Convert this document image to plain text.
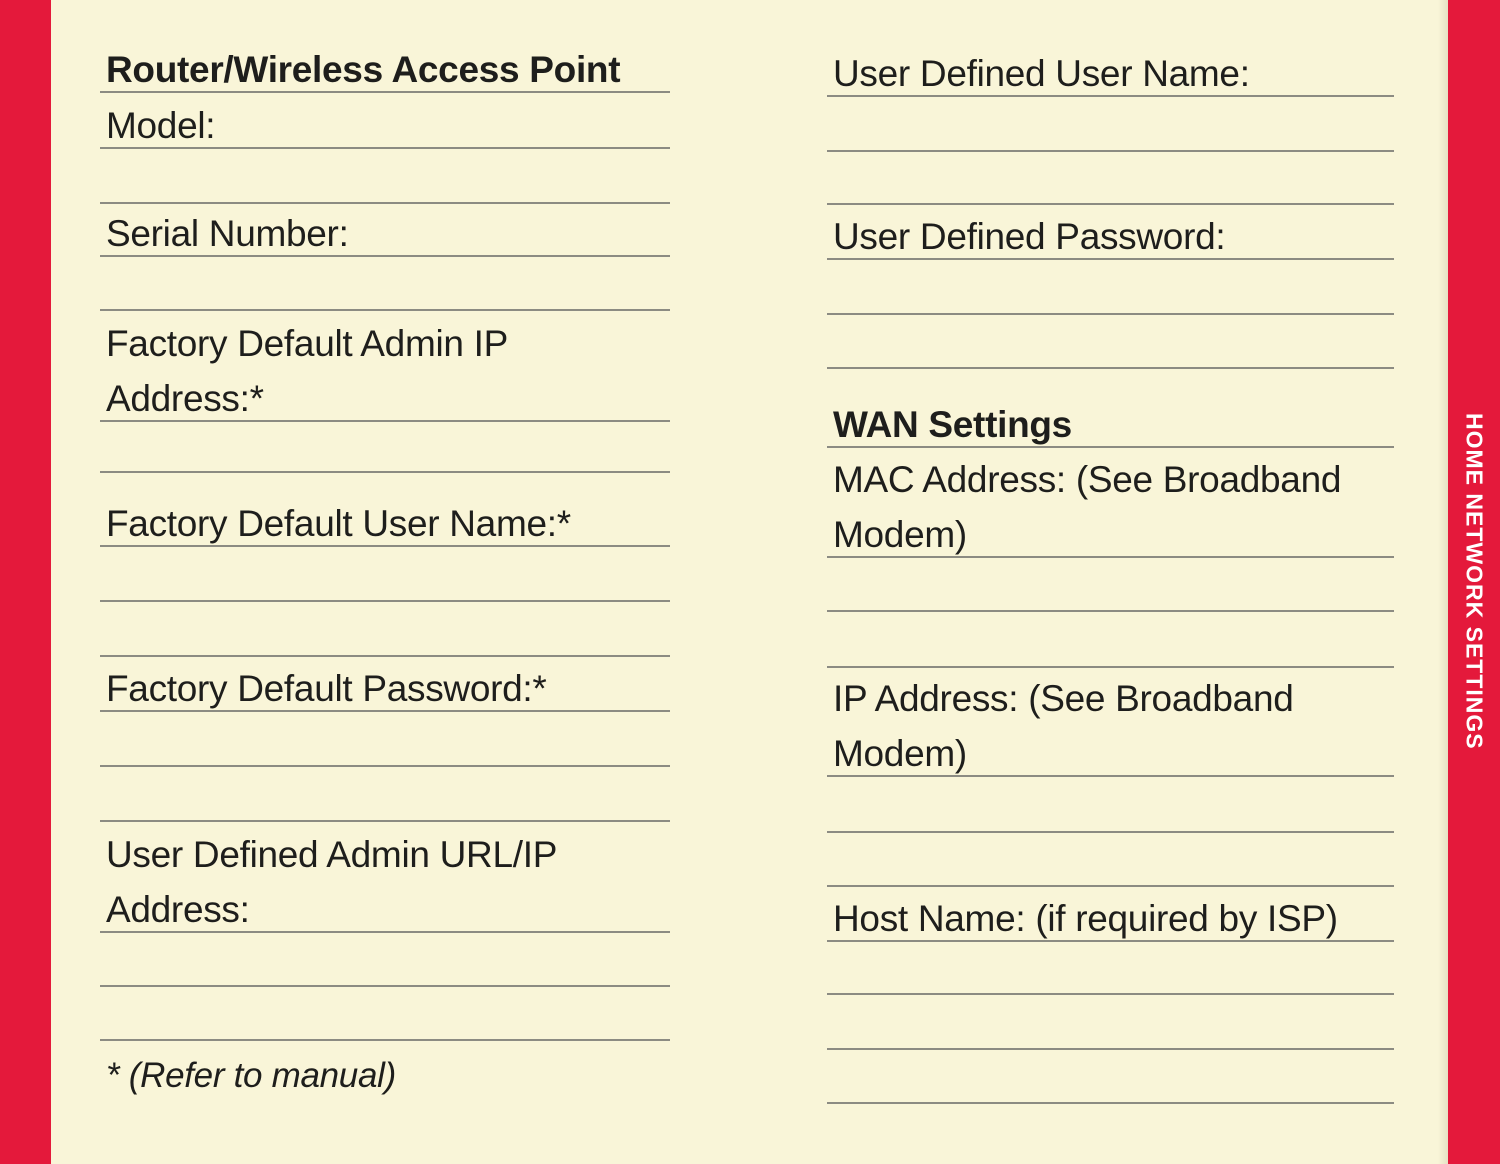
HOME NETWORK SETTINGS
Router/Wireless Access Point
Model:
Serial Number:
Factory Default Admin IP
Address:*
Factory Default User Name:*
Factory Default Password:*
User Defined Admin URL/IP
Address:
* (Refer to manual)
User Defined User Name:
User Defined Password:
WAN Settings
MAC Address: (See Broadband
Modem)
IP Address: (See Broadband
Modem)
Host Name: (if required by ISP)
